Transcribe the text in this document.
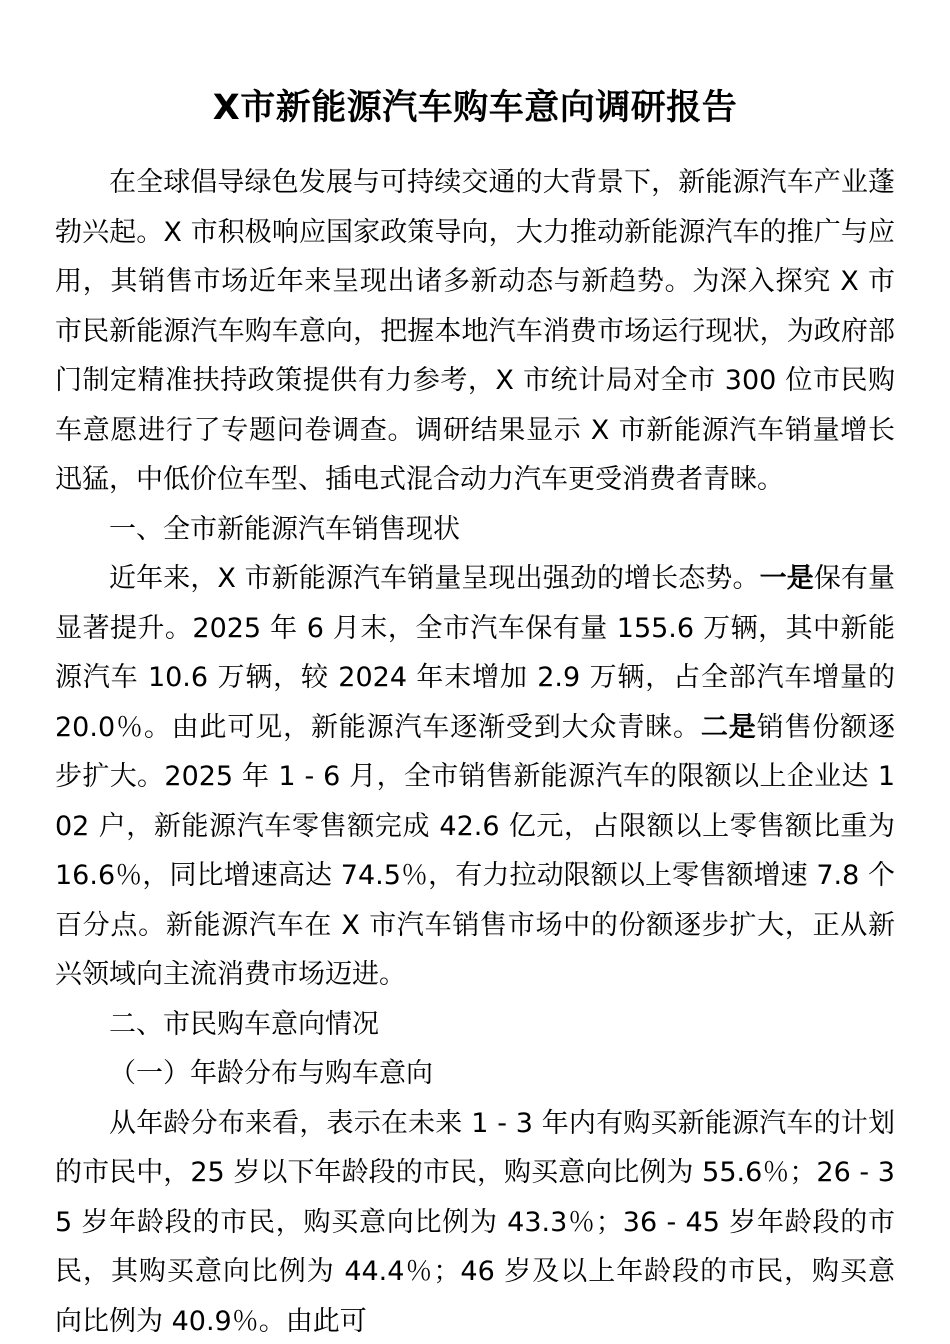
X市新能源汽车购车意向调研报告

在全球倡导绿色发展与可持续交通的大背景下，新能源汽车产业蓬勃兴起。X 市积极响应国家政策导向，大力推动新能源汽车的推广与应用，其销售市场近年来呈现出诸多新动态与新趋势。为深入探究 X 市市民新能源汽车购车意向，把握本地汽车消费市场运行现状，为政府部门制定精准扶持政策提供有力参考，X 市统计局对全市 300 位市民购车意愿进行了专题问卷调查。调研结果显示 X 市新能源汽车销量增长迅猛，中低价位车型、插电式混合动力汽车更受消费者青睐。

一、全市新能源汽车销售现状

近年来，X 市新能源汽车销量呈现出强劲的增长态势。一是保有量显著提升。2025 年 6 月末，全市汽车保有量 155.6 万辆，其中新能源汽车 10.6 万辆，较 2024 年末增加 2.9 万辆，占全部汽车增量的 20.0％。由此可见，新能源汽车逐渐受到大众青睐。二是销售份额逐步扩大。2025 年 1 - 6 月，全市销售新能源汽车的限额以上企业达 102 户，新能源汽车零售额完成 42.6 亿元，占限额以上零售额比重为 16.6％，同比增速高达 74.5％，有力拉动限额以上零售额增速 7.8 个百分点。新能源汽车在 X 市汽车销售市场中的份额逐步扩大，正从新兴领域向主流消费市场迈进。

二、市民购车意向情况

（一）年龄分布与购车意向

从年龄分布来看，表示在未来 1 - 3 年内有购买新能源汽车的计划的市民中，25 岁以下年龄段的市民，购买意向比例为 55.6％；26 - 35 岁年龄段的市民，购买意向比例为 43.3％；36 - 45 岁年龄段的市民，其购买意向比例为 44.4％；46 岁及以上年龄段的市民，购买意向比例为 40.9％。由此可
